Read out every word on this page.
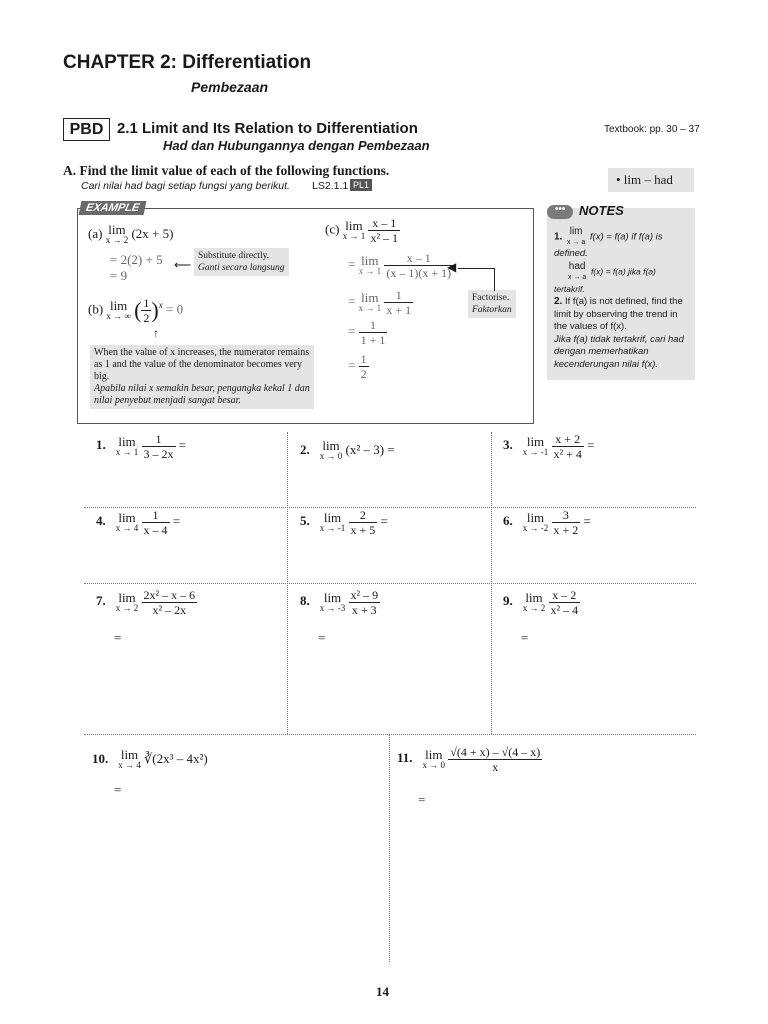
CHAPTER 2: Differentiation
Pembezaan
PBD 2.1 Limit and Its Relation to Differentiation
Had dan Hubungannya dengan Pembezaan
Textbook: pp. 30 – 37
A. Find the limit value of each of the following functions.
Cari nilai had bagi setiap fungsi yang berikut. LS2.1.1 PL1	• lim – had
••• NOTES
1.
lim
x → a f(x) = f(a) if f(a) is defined.

had
x → a
f(x) = f(a) jika f(a) tertakrif.
2. If f(a) is not defined, find the limit by observing the trend in the values of f(x).
Jika f(a) tidak tertakrif, cari had dengan memerhatikan kecenderungan nilai f(x).
EXAMPLE
(a) lim
x → 2 (2x + 5)
= 2(2) + 5
= 9
Substitute directly.
Ganti secara langsung
⟵
(b) lim
x → ∞ ( $\frac{1}{2} )^x = 0$
↑
When the value of x increases, the numerator remains as 1 and the value of the denominator becomes very big.
Apabila nilai x semakin besar, pengangka kekal 1 dan nilai penyebut menjadi sangat besar.
(c) lim
x → 1
$\frac{x - 1}{\text{x² – 1}}$
= lim
x → 1
$\frac{x - 1}{(x - 1)(x + 1)}$
= lim
x → 1
$\frac{1}{x + 1}$
= $\frac{1}{1 + 1}$
= $\frac{1}{2}$
Factorise.
Faktorkan
◀
1. lim
x → 1
$\frac{1}{3 - 2x}$ =	2. lim
x → 0 (x² – 3) =	3.	lim
x → -1
$\frac{x + 2}{\text{x² + 4}}$ =
4. lim
x → 4
$\frac{1}{x - 4}$ =	5.	lim
x → -1
$\frac{2}{x + 5}$ =	6.	lim
x → -2
$\frac{3}{x + 2}$ =
7. lim
x → 2
$\frac{\text{2x² – x – 6}}{\text{x² – 2x}}$
=
8.	lim
x → -3
$\frac{\text{x² – 9}}{x + 3}$
=
9. lim
x → 2
$\frac{x - 2}{\text{x² – 4}}$
=
10. lim
x → 4 ∛(2x³ – 4x²)
=
11. lim
x → 0
$\frac{√(4 + x) - √(4 - x)}{x}$
=
14
